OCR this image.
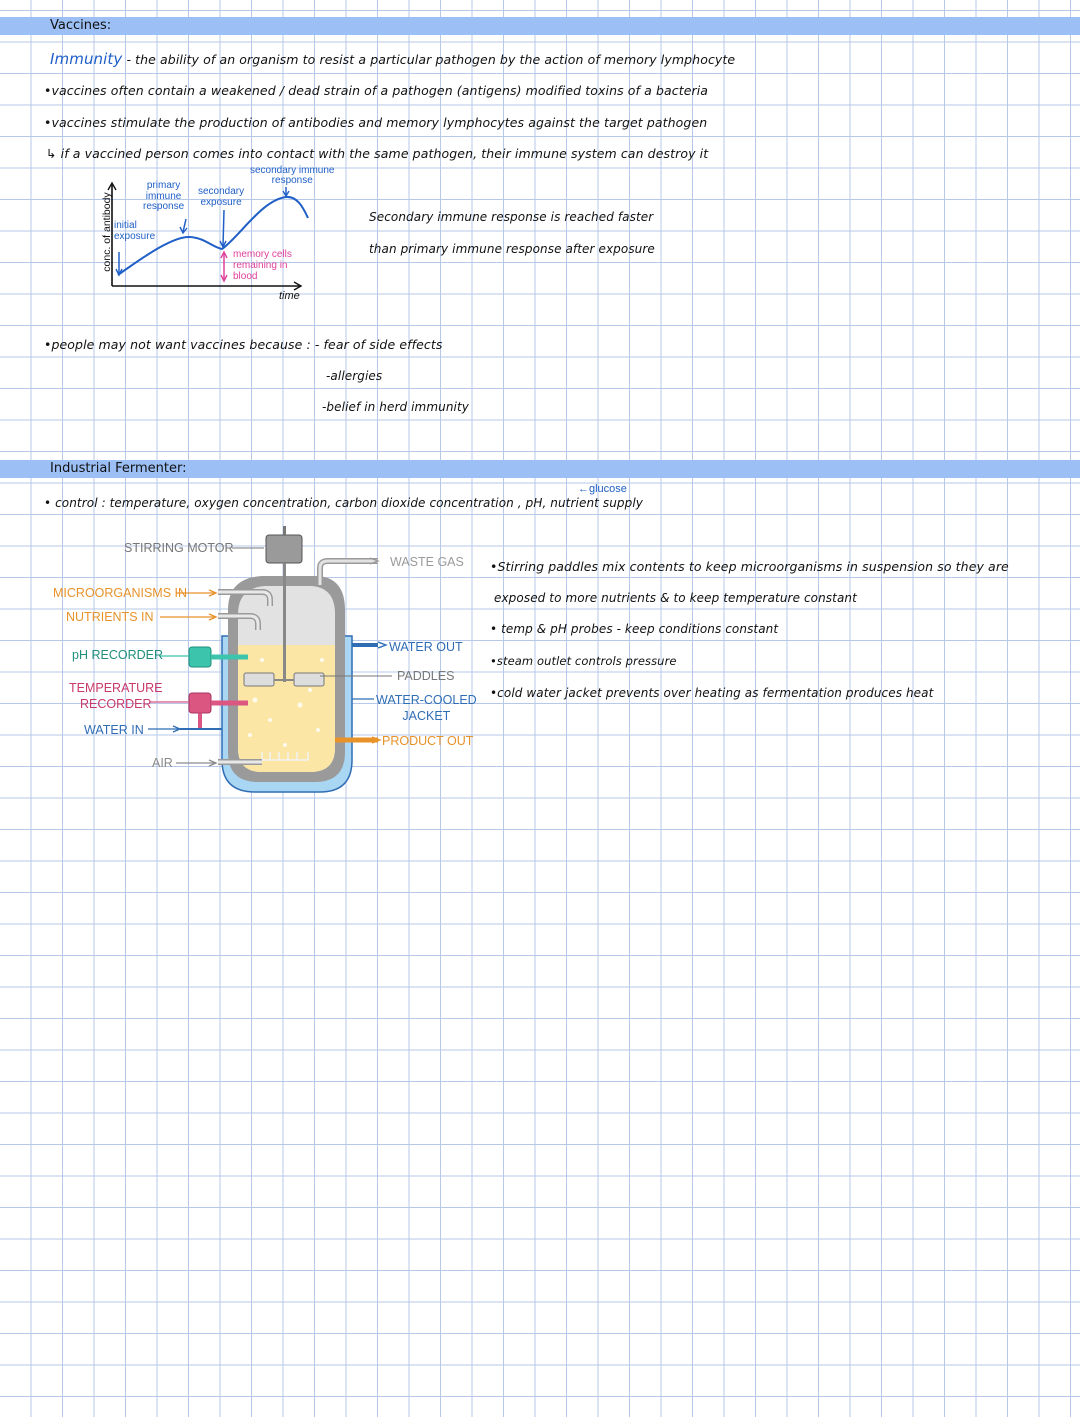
Vaccines:
Immunity - the ability of an organism to resist a particular pathogen by the action of memory lymphocyte
•vaccines often contain a weakened / dead strain of a pathogen (antigens) modified toxins of a bacteria
•vaccines stimulate the production of antibodies and memory lymphocytes against the target pathogen
↳ if a vaccined person comes into contact with the same pathogen, their immune system can destroy it
conc. of antibody
time
initial
exposure
primary
immune
response
secondary
exposure
secondary immune
response
memory cells
remaining in
blood
Secondary immune response is reached faster
than primary immune response after exposure
•people may not want vaccines because : - fear of side effects
-allergies
-belief in herd immunity
Industrial Fermenter:
• control : temperature, oxygen concentration, carbon dioxide concentration , pH, nutrient supply
←glucose
STIRRING MOTOR
WASTE GAS
MICROORGANISMS IN
NUTRIENTS IN
pH RECORDER
TEMPERATURE
RECORDER
WATER IN
AIR
WATER OUT
PADDLES
WATER-COOLED
JACKET
PRODUCT OUT
•Stirring paddles mix contents to keep microorganisms in suspension so they are
exposed to more nutrients & to keep temperature constant
• temp & pH probes - keep conditions constant
•steam outlet controls pressure
•cold water jacket prevents over heating as fermentation produces heat
